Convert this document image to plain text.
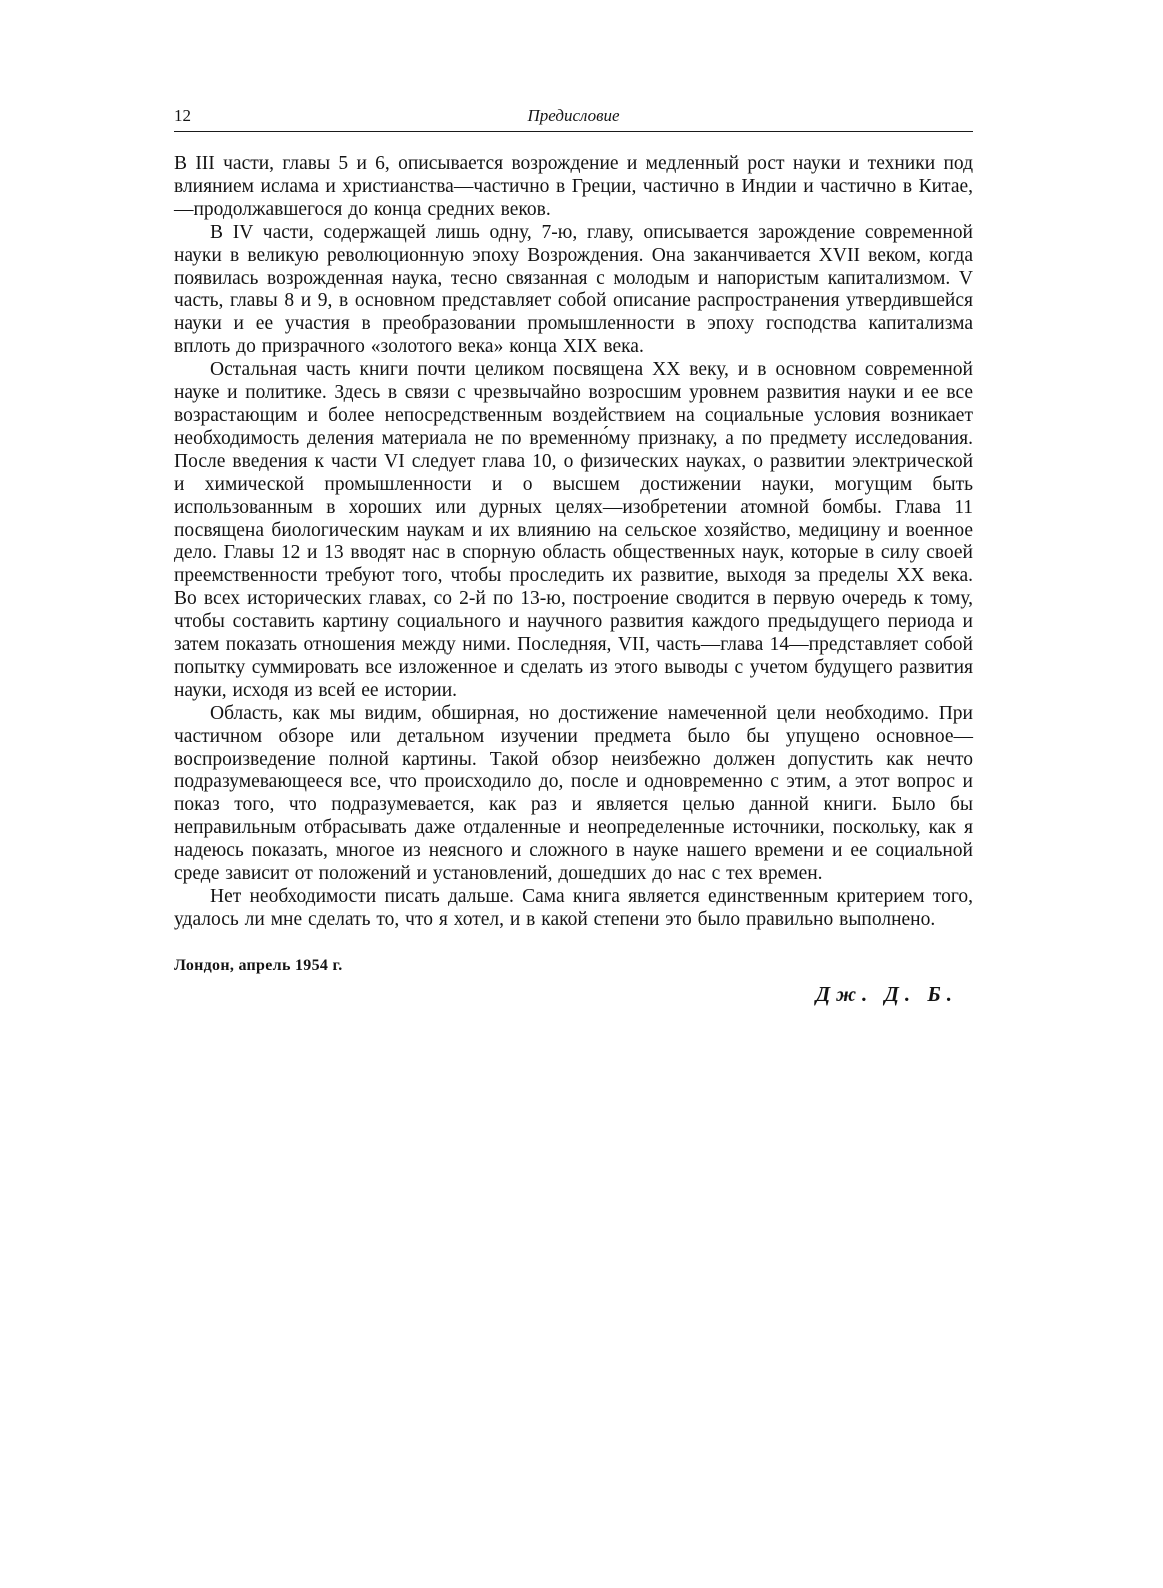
12	Предисловие

В III части, главы 5 и 6, описывается возрождение и медленный рост науки и техники под влиянием ислама и христианства—частично в Греции, частично в Индии и частично в Китае,—продолжавшегося до конца средних веков.

В IV части, содержащей лишь одну, 7-ю, главу, описывается зарождение современной науки в великую революционную эпоху Возрождения. Она заканчивается XVII веком, когда появилась возрожденная наука, тесно связанная с молодым и напористым капитализмом. V часть, главы 8 и 9, в основном представляет собой описание распространения утвердившейся науки и ее участия в преобразовании промышленности в эпоху господства капитализма вплоть до призрачного «золотого века» конца XIX века.

Остальная часть книги почти целиком посвящена XX веку, и в основном современной науке и политике. Здесь в связи с чрезвычайно возросшим уровнем развития науки и ее все возрастающим и более непосредственным воздействием на социальные условия возникает необходимость деления материала не по временно́му признаку, а по предмету исследования. После введения к части VI следует глава 10, о физических науках, о развитии электрической и химической промышленности и о высшем достижении науки, могущим быть использованным в хороших или дурных целях—изобретении атомной бомбы. Глава 11 посвящена биологическим наукам и их влиянию на сельское хозяйство, медицину и военное дело. Главы 12 и 13 вводят нас в спорную область общественных наук, которые в силу своей преемственности требуют того, чтобы проследить их развитие, выходя за пределы XX века. Во всех исторических главах, со 2-й по 13-ю, построение сводится в первую очередь к тому, чтобы составить картину социального и научного развития каждого предыдущего периода и затем показать отношения между ними. Последняя, VII, часть—глава 14—представляет собой попытку суммировать все изложенное и сделать из этого выводы с учетом будущего развития науки, исходя из всей ее истории.

Область, как мы видим, обширная, но достижение намеченной цели необходимо. При частичном обзоре или детальном изучении предмета было бы упущено основное—воспроизведение полной картины. Такой обзор неизбежно должен допустить как нечто подразумевающееся все, что происходило до, после и одновременно с этим, а этот вопрос и показ того, что подразумевается, как раз и является целью данной книги. Было бы неправильным отбрасывать даже отдаленные и неопределенные источники, поскольку, как я надеюсь показать, многое из неясного и сложного в науке нашего времени и ее социальной среде зависит от положений и установлений, дошедших до нас с тех времен.

Нет необходимости писать дальше. Сама книга является единственным критерием того, удалось ли мне сделать то, что я хотел, и в какой степени это было правильно выполнено.

Лондон, апрель 1954 г.
Дж. Д. Б.
